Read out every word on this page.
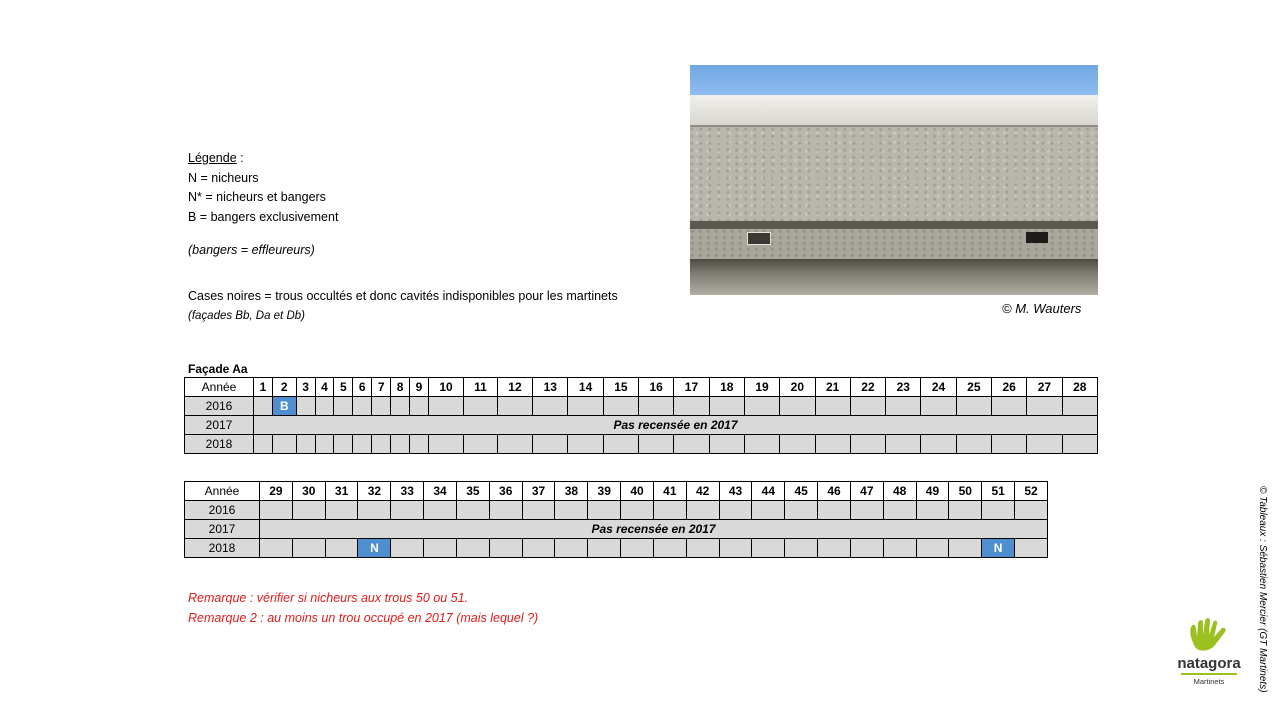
Légende :
N = nicheurs
N* = nicheurs et bangers
B = bangers exclusivement
(bangers = effleureurs)
Cases noires = trous occultés et donc cavités indisponibles pour les martinets
(façades Bb, Da et Db)	© M. Wauters
Façade Aa
Année	1	2	3	4	5	6	7	8	9	10	11	12	13	14	15	16	17	18	19	20	21	22	23	24	25	26	27	28
2016		B																										
2017	Pas recensée en 2017																											
2018																												
Année	29	30	31	32	33	34	35	36	37	38	39	40	41	42	43	44	45	46	47	48	49	50	51	52
2016																								
2017	Pas recensée en 2017																							
2018				N																			N	
Remarque : vérifier si nicheurs aux trous 50 ou 51.
Remarque 2 : au moins un trou occupé en 2017 (mais lequel ?)	© Tableaux : Sébastien Mercier (GT Martinets)
natagora
Martinets
